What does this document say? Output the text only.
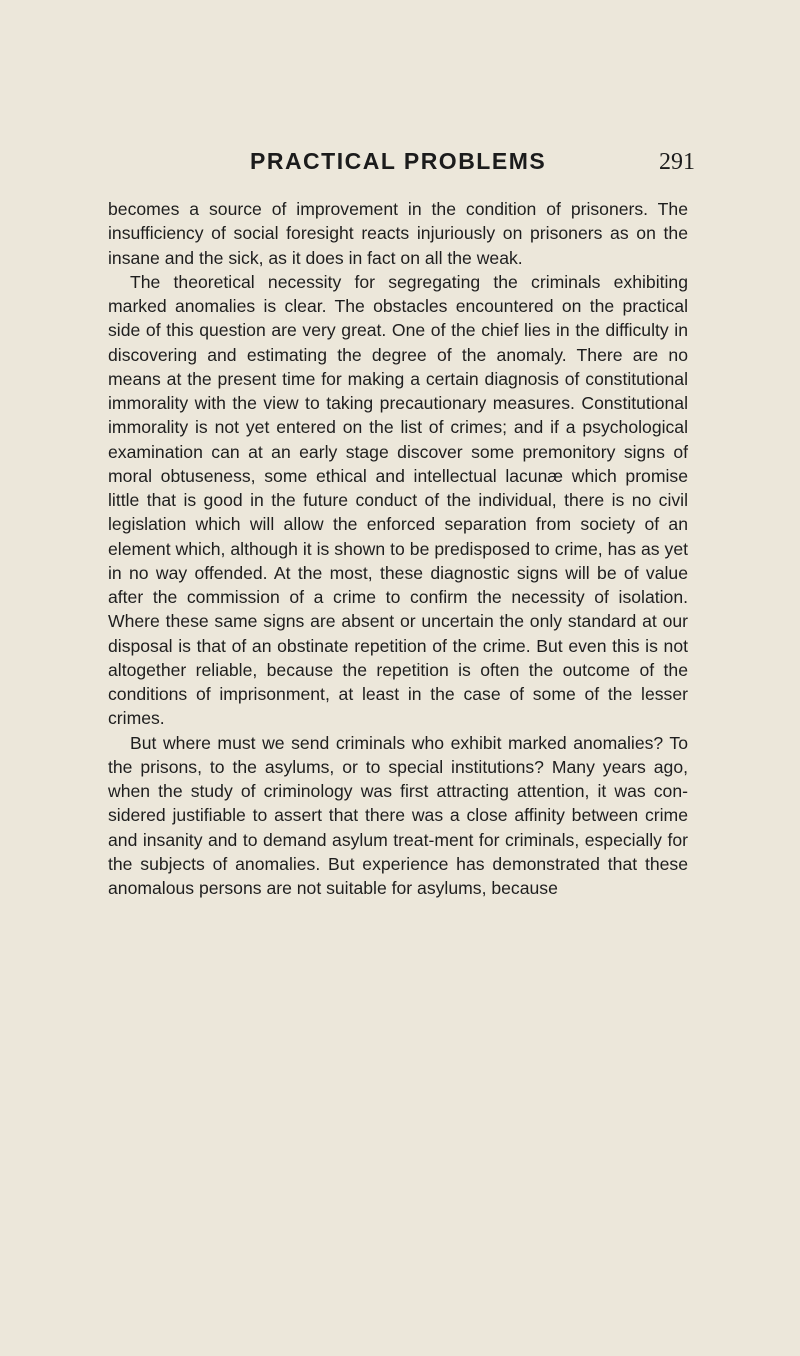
PRACTICAL PROBLEMS	291

becomes a source of improvement in the condition of prisoners. The insufficiency of social foresight reacts injuriously on prisoners as on the insane and the sick, as it does in fact on all the weak.

The theoretical necessity for segregating the criminals exhibiting marked anomalies is clear. The obstacles encountered on the practical side of this question are very great. One of the chief lies in the difficulty in discovering and estimating the degree of the anomaly. There are no means at the present time for making a certain diagnosis of constitutional immorality with the view to taking precautionary measures. Constitutional immorality is not yet entered on the list of crimes; and if a psychological examination can at an early stage discover some premonitory signs of moral obtuseness, some ethical and intellectual lacunæ which promise little that is good in the future conduct of the individual, there is no civil legislation which will allow the enforced separation from society of an element which, although it is shown to be predisposed to crime, has as yet in no way offended. At the most, these diagnostic signs will be of value after the commission of a crime to confirm the necessity of isolation. Where these same signs are absent or uncertain the only standard at our disposal is that of an obstinate repetition of the crime. But even this is not altogether reliable, because the repetition is often the outcome of the conditions of imprisonment, at least in the case of some of the lesser crimes.

But where must we send criminals who exhibit marked anomalies? To the prisons, to the asylums, or to special institutions? Many years ago, when the study of criminology was first attracting attention, it was con-sidered justifiable to assert that there was a close affinity between crime and insanity and to demand asylum treat-ment for criminals, especially for the subjects of anomalies. But experience has demonstrated that these anomalous persons are not suitable for asylums, because
